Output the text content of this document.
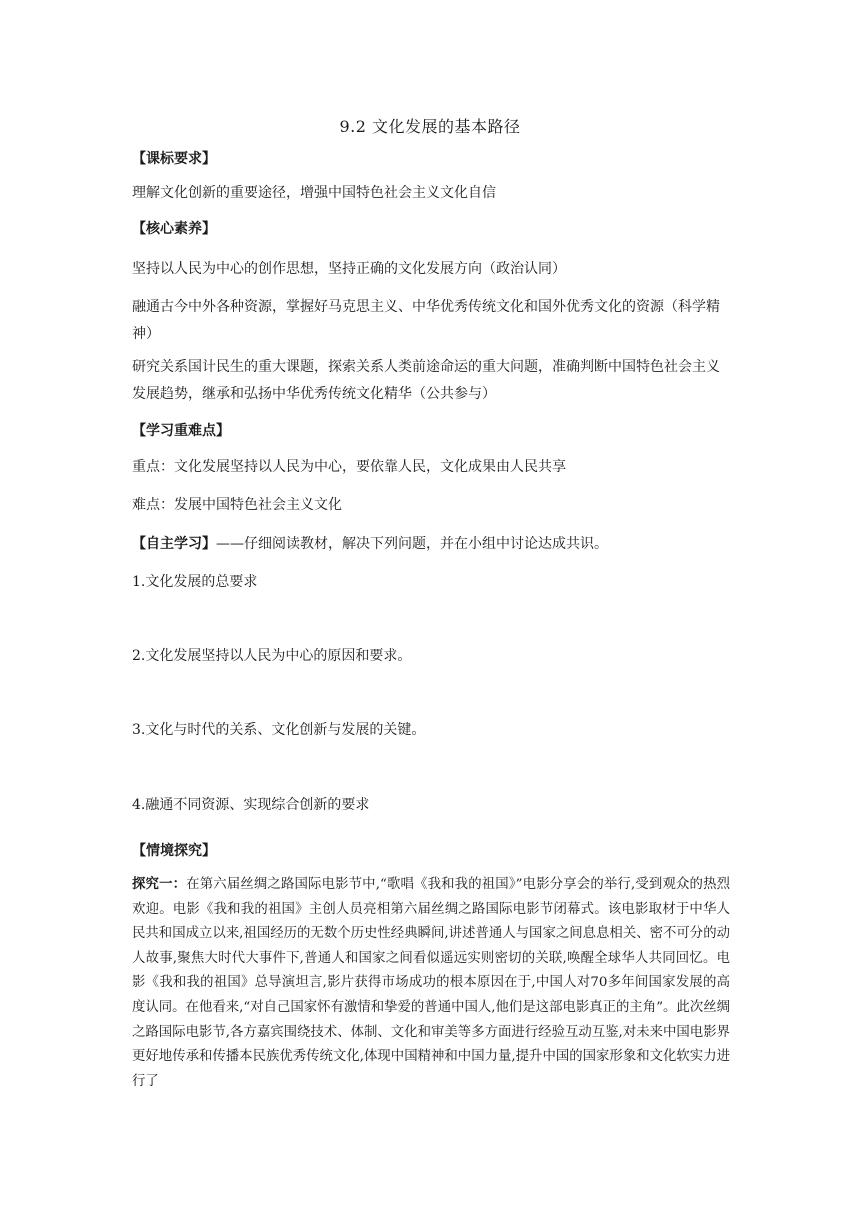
9.2 文化发展的基本路径
【课标要求】
理解文化创新的重要途径，增强中国特色社会主义文化自信
【核心素养】
坚持以人民为中心的创作思想，坚持正确的文化发展方向（政治认同）
融通古今中外各种资源，掌握好马克思主义、中华优秀传统文化和国外优秀文化的资源（科学精神）
研究关系国计民生的重大课题，探索关系人类前途命运的重大问题，准确判断中国特色社会主义发展趋势，继承和弘扬中华优秀传统文化精华（公共参与）
【学习重难点】
重点：文化发展坚持以人民为中心，要依靠人民，文化成果由人民共享
难点：发展中国特色社会主义文化
【自主学习】——仔细阅读教材，解决下列问题，并在小组中讨论达成共识。
1.文化发展的总要求
2.文化发展坚持以人民为中心的原因和要求。
3.文化与时代的关系、文化创新与发展的关键。
4.融通不同资源、实现综合创新的要求
【情境探究】
探究一：在第六届丝绸之路国际电影节中,“歌唱《我和我的祖国》”电影分享会的举行,受到观众的热烈欢迎。电影《我和我的祖国》主创人员亮相第六届丝绸之路国际电影节闭幕式。该电影取材于中华人民共和国成立以来,祖国经历的无数个历史性经典瞬间,讲述普通人与国家之间息息相关、密不可分的动人故事,聚焦大时代大事件下,普通人和国家之间看似遥远实则密切的关联,唤醒全球华人共同回忆。电影《我和我的祖国》总导演坦言,影片获得市场成功的根本原因在于,中国人对70多年间国家发展的高度认同。在他看来,“对自己国家怀有激情和挚爱的普通中国人,他们是这部电影真正的主角”。此次丝绸之路国际电影节,各方嘉宾围绕技术、体制、文化和审美等多方面进行经验互动互鉴,对未来中国电影界更好地传承和传播本民族优秀传统文化,体现中国精神和中国力量,提升中国的国家形象和文化软实力进行了
